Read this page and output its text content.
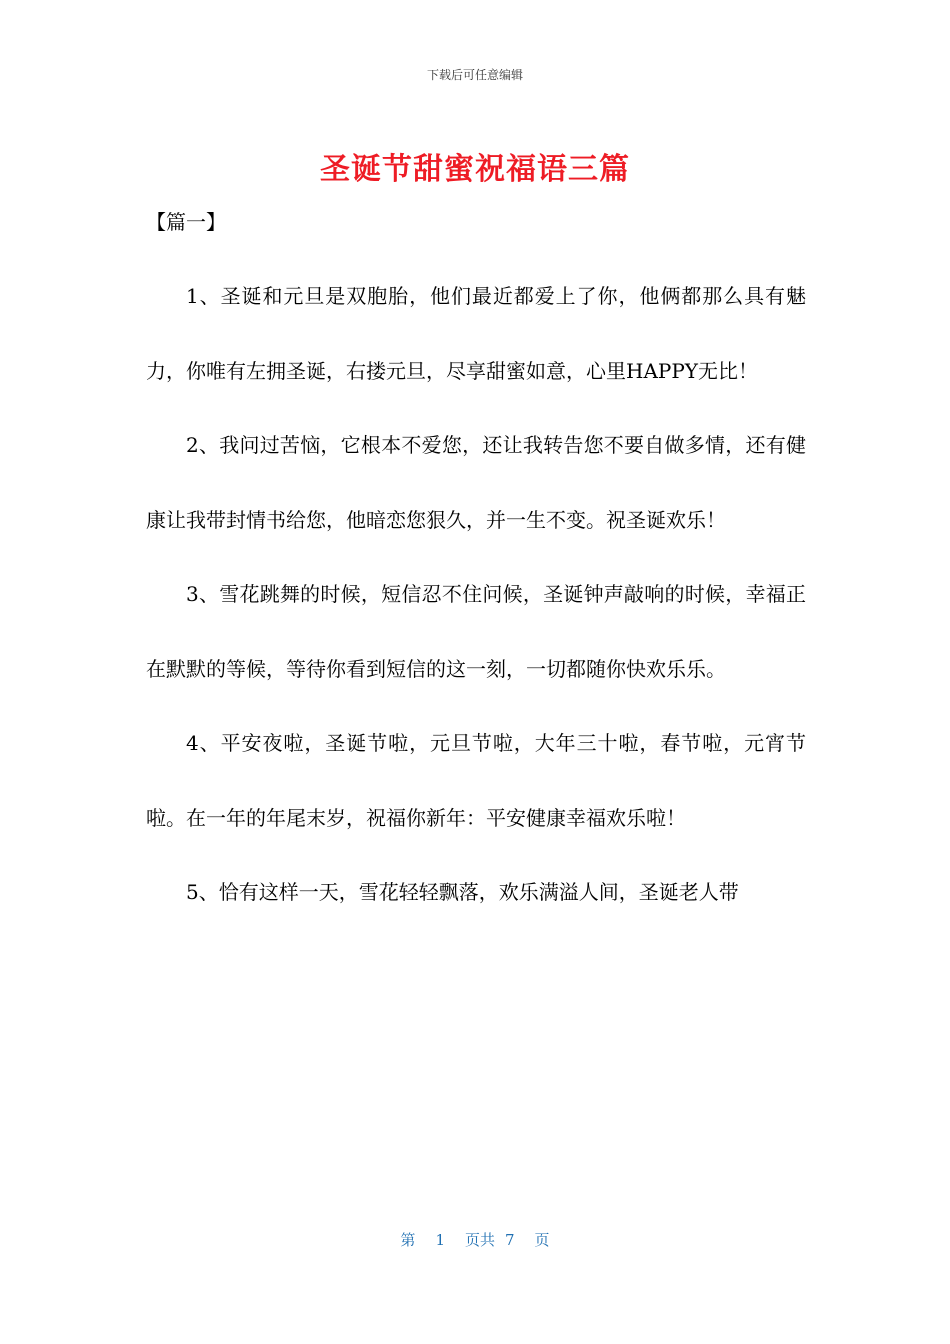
下载后可任意编辑
圣诞节甜蜜祝福语三篇
【篇一】

1、圣诞和元旦是双胞胎，他们最近都爱上了你，他俩都那么具有魅力，你唯有左拥圣诞，右搂元旦，尽享甜蜜如意，心里HAPPY无比！

2、我问过苦恼，它根本不爱您，还让我转告您不要自做多情，还有健康让我带封情书给您，他暗恋您狠久，并一生不变。祝圣诞欢乐！

3、雪花跳舞的时候，短信忍不住问候，圣诞钟声敲响的时候，幸福正在默默的等候，等待你看到短信的这一刻，一切都随你快欢乐乐。

4、平安夜啦，圣诞节啦，元旦节啦，大年三十啦，春节啦，元宵节啦。在一年的年尾末岁，祝福你新年：平安健康幸福欢乐啦！

5、恰有这样一天，雪花轻轻飘落，欢乐满溢人间，圣诞老人带

第 1 页共 7 页
